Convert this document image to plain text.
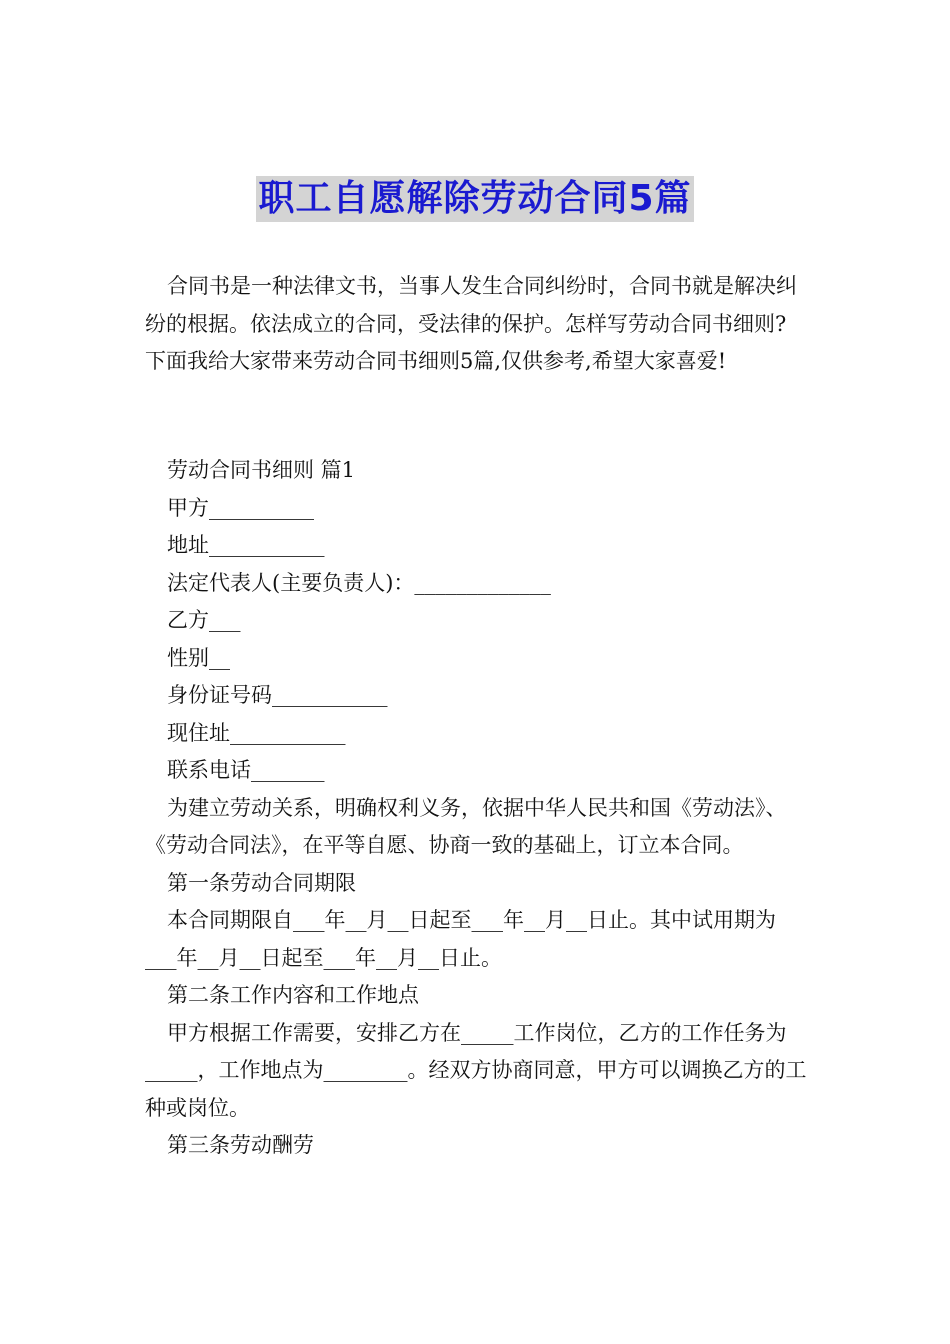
职工自愿解除劳动合同5篇

合同书是一种法律文书，当事人发生合同纠纷时，合同书就是解决纠纷的根据。依法成立的合同，受法律的保护。怎样写劳动合同书细则?下面我给大家带来劳动合同书细则5篇,仅供参考,希望大家喜爱!

劳动合同书细则 篇1

甲方__________

地址___________

法定代表人(主要负责人)：_____________

乙方___

性别__

身份证号码___________

现住址___________

联系电话_______

为建立劳动关系，明确权利义务，依据中华人民共和国《劳动法》、《劳动合同法》，在平等自愿、协商一致的基础上，订立本合同。

第一条劳动合同期限

本合同期限自___年__月__日起至___年__月__日止。其中试用期为___年__月__日起至___年__月__日止。

第二条工作内容和工作地点

甲方根据工作需要，安排乙方在_____工作岗位，乙方的工作任务为_____，工作地点为________。经双方协商同意，甲方可以调换乙方的工种或岗位。

第三条劳动酬劳
